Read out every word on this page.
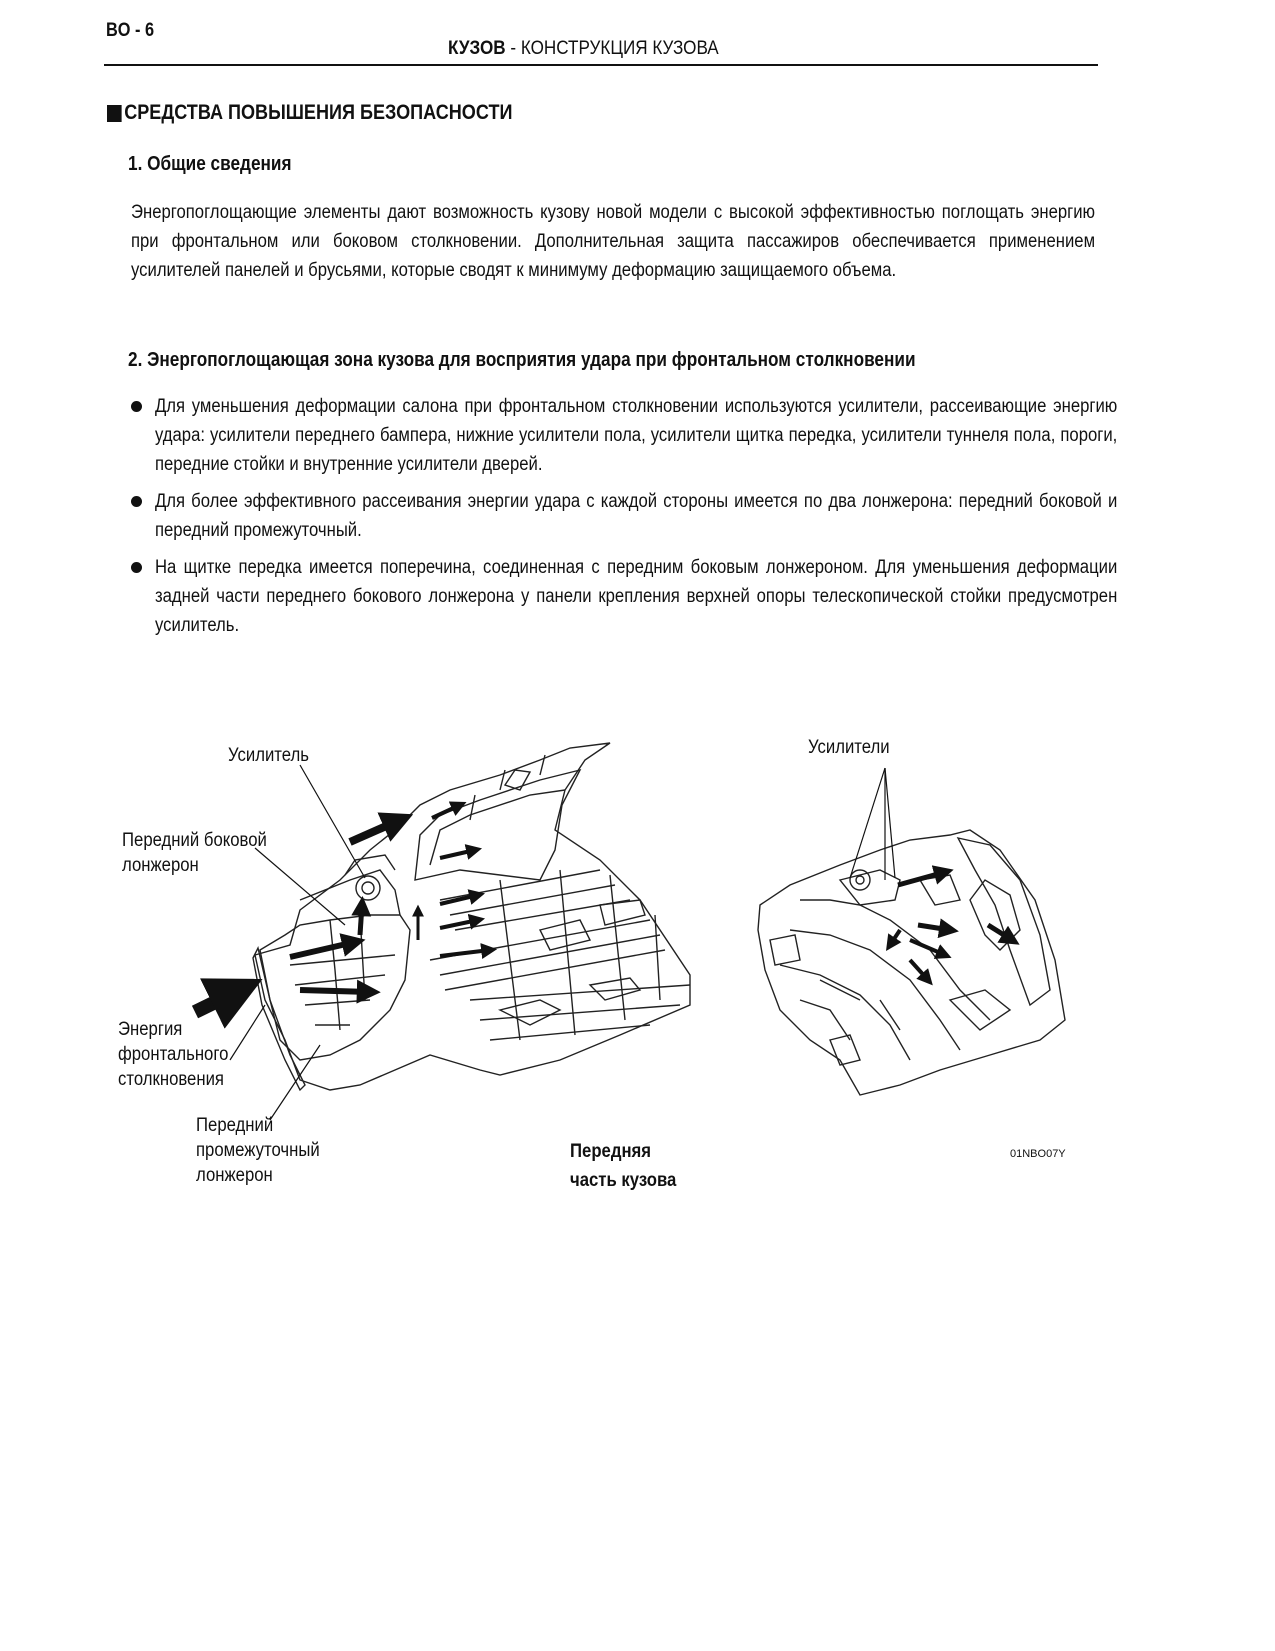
BO - 6
КУЗОВ - КОНСТРУКЦИЯ КУЗОВА
СРЕДСТВА ПОВЫШЕНИЯ БЕЗОПАСНОСТИ
1. Общие сведения
Энергопоглощающие элементы дают возможность кузову новой модели с высокой эффективностью поглощать энергию при фронтальном или боковом столкновении. Дополнительная защита пассажиров обеспечивается применением усилителей панелей и брусьями, которые сводят к минимуму деформацию защищаемого объема.
2. Энергопоглощающая зона кузова для восприятия удара при фронтальном столкновении
Для уменьшения деформации салона при фронтальном столкновении используются усилители, рассеивающие энергию удара: усилители переднего бампера, нижние усилители пола, усилители щитка передка, усилители туннеля пола, пороги, передние стойки и внутренние усилители дверей.
Для более эффективного рассеивания энергии удара с каждой стороны имеется по два лонжерона: передний боковой и передний промежуточный.
На щитке передка имеется поперечина, соединенная с передним боковым лонжероном. Для уменьшения деформации задней части переднего бокового лонжерона у панели крепления верхней опоры телескопической стойки предусмотрен усилитель.
Усилитель
Передний боковой
лонжерон
Энергия
фронтального
столкновения
Передний
промежуточный
лонжерон
Усилители
Передняя
часть кузова
01NBO07Y
